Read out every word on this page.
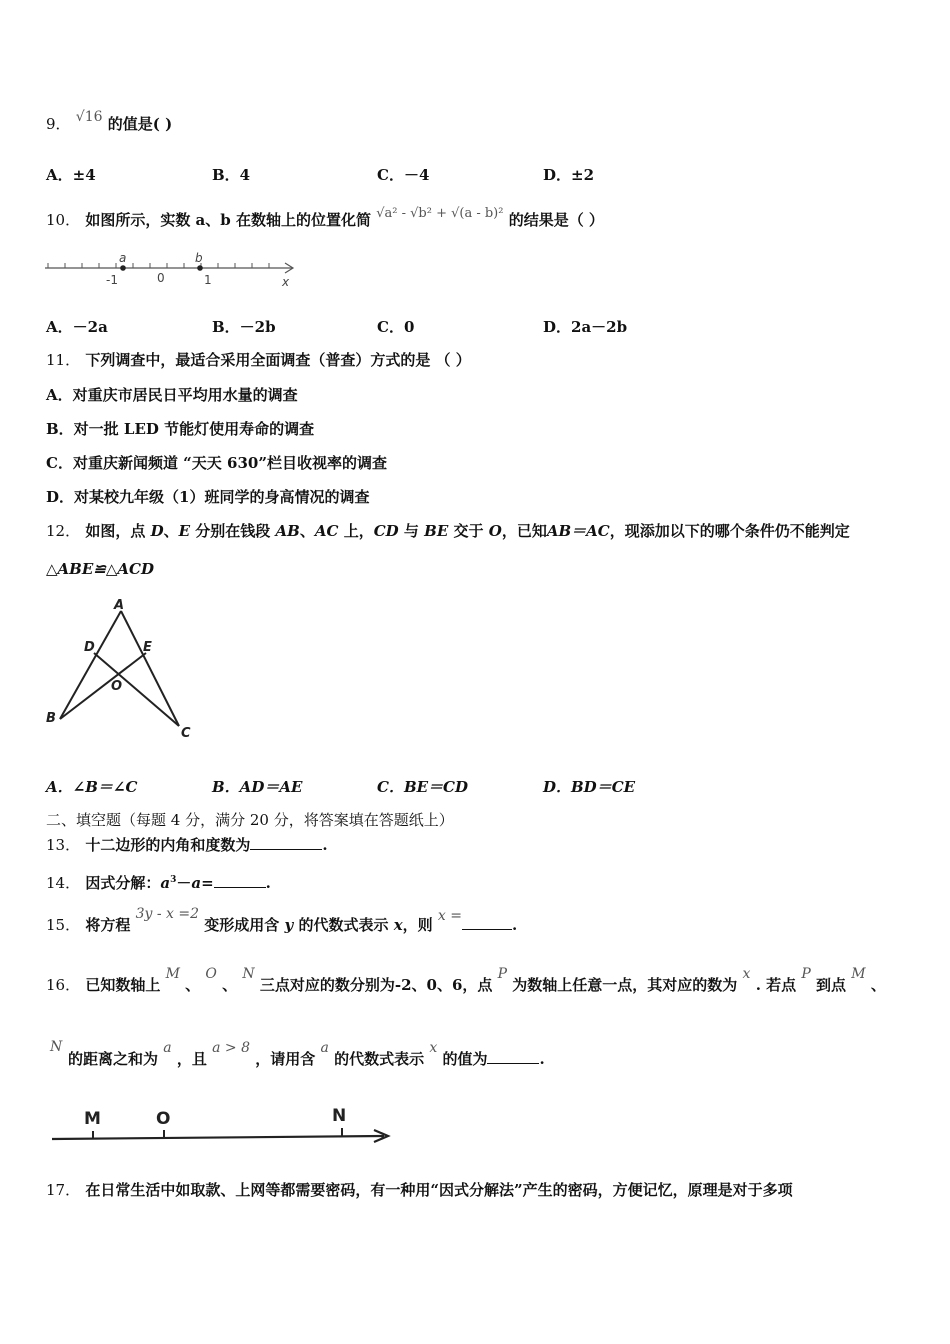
9． √16 的值是( )
A．±4	B．4	C．－4	D．±2
10． 如图所示，实数 a、b 在数轴上的位置化简 √a² - √b² + √(a - b)² 的结果是（ ）
a	b
-1	0	1	x
A．－2a	B．－2b	C．0	D．2a－2b
11． 下列调查中，最适合采用全面调查（普查）方式的是 （ ）
A．对重庆市居民日平均用水量的调查
B．对一批 LED 节能灯使用寿命的调查
C．对重庆新闻频道 “天天 630”栏目收视率的调查
D．对某校九年级（1）班同学的身高情况的调查
12． 如图，点 D、E 分别在钱段 AB、AC 上，CD 与 BE 交于 O，已知AB＝AC，现添加以下的哪个条件仍不能判定
△ABE≌△ACD
A
B
C
D	E
O
A．∠B＝∠C	B．AD＝AE	C．BE＝CD	D．BD＝CE
二、填空题（每题 4 分，满分 20 分，将答案填在答题纸上）
13． 十二边形的内角和度数为	.
14． 因式分解：$a^3-a=$	.
15． 将方程 3y - x =2 变形成用含 y 的代数式表示 x，则 x =	.
16． 已知数轴上 M 、 O 、 N 三点对应的数分别为-2、0、6，点 P 为数轴上任意一点，其对应的数为 x . 若点 P 到点 M 、
N
的距离之和为 a ，且 a > 8 ，请用含 a 的代数式表示 x 的值为	.
M	O	N
17． 在日常生活中如取款、上网等都需要密码，有一种用“因式分解法”产生的密码，方便记忆，原理是对于多项
